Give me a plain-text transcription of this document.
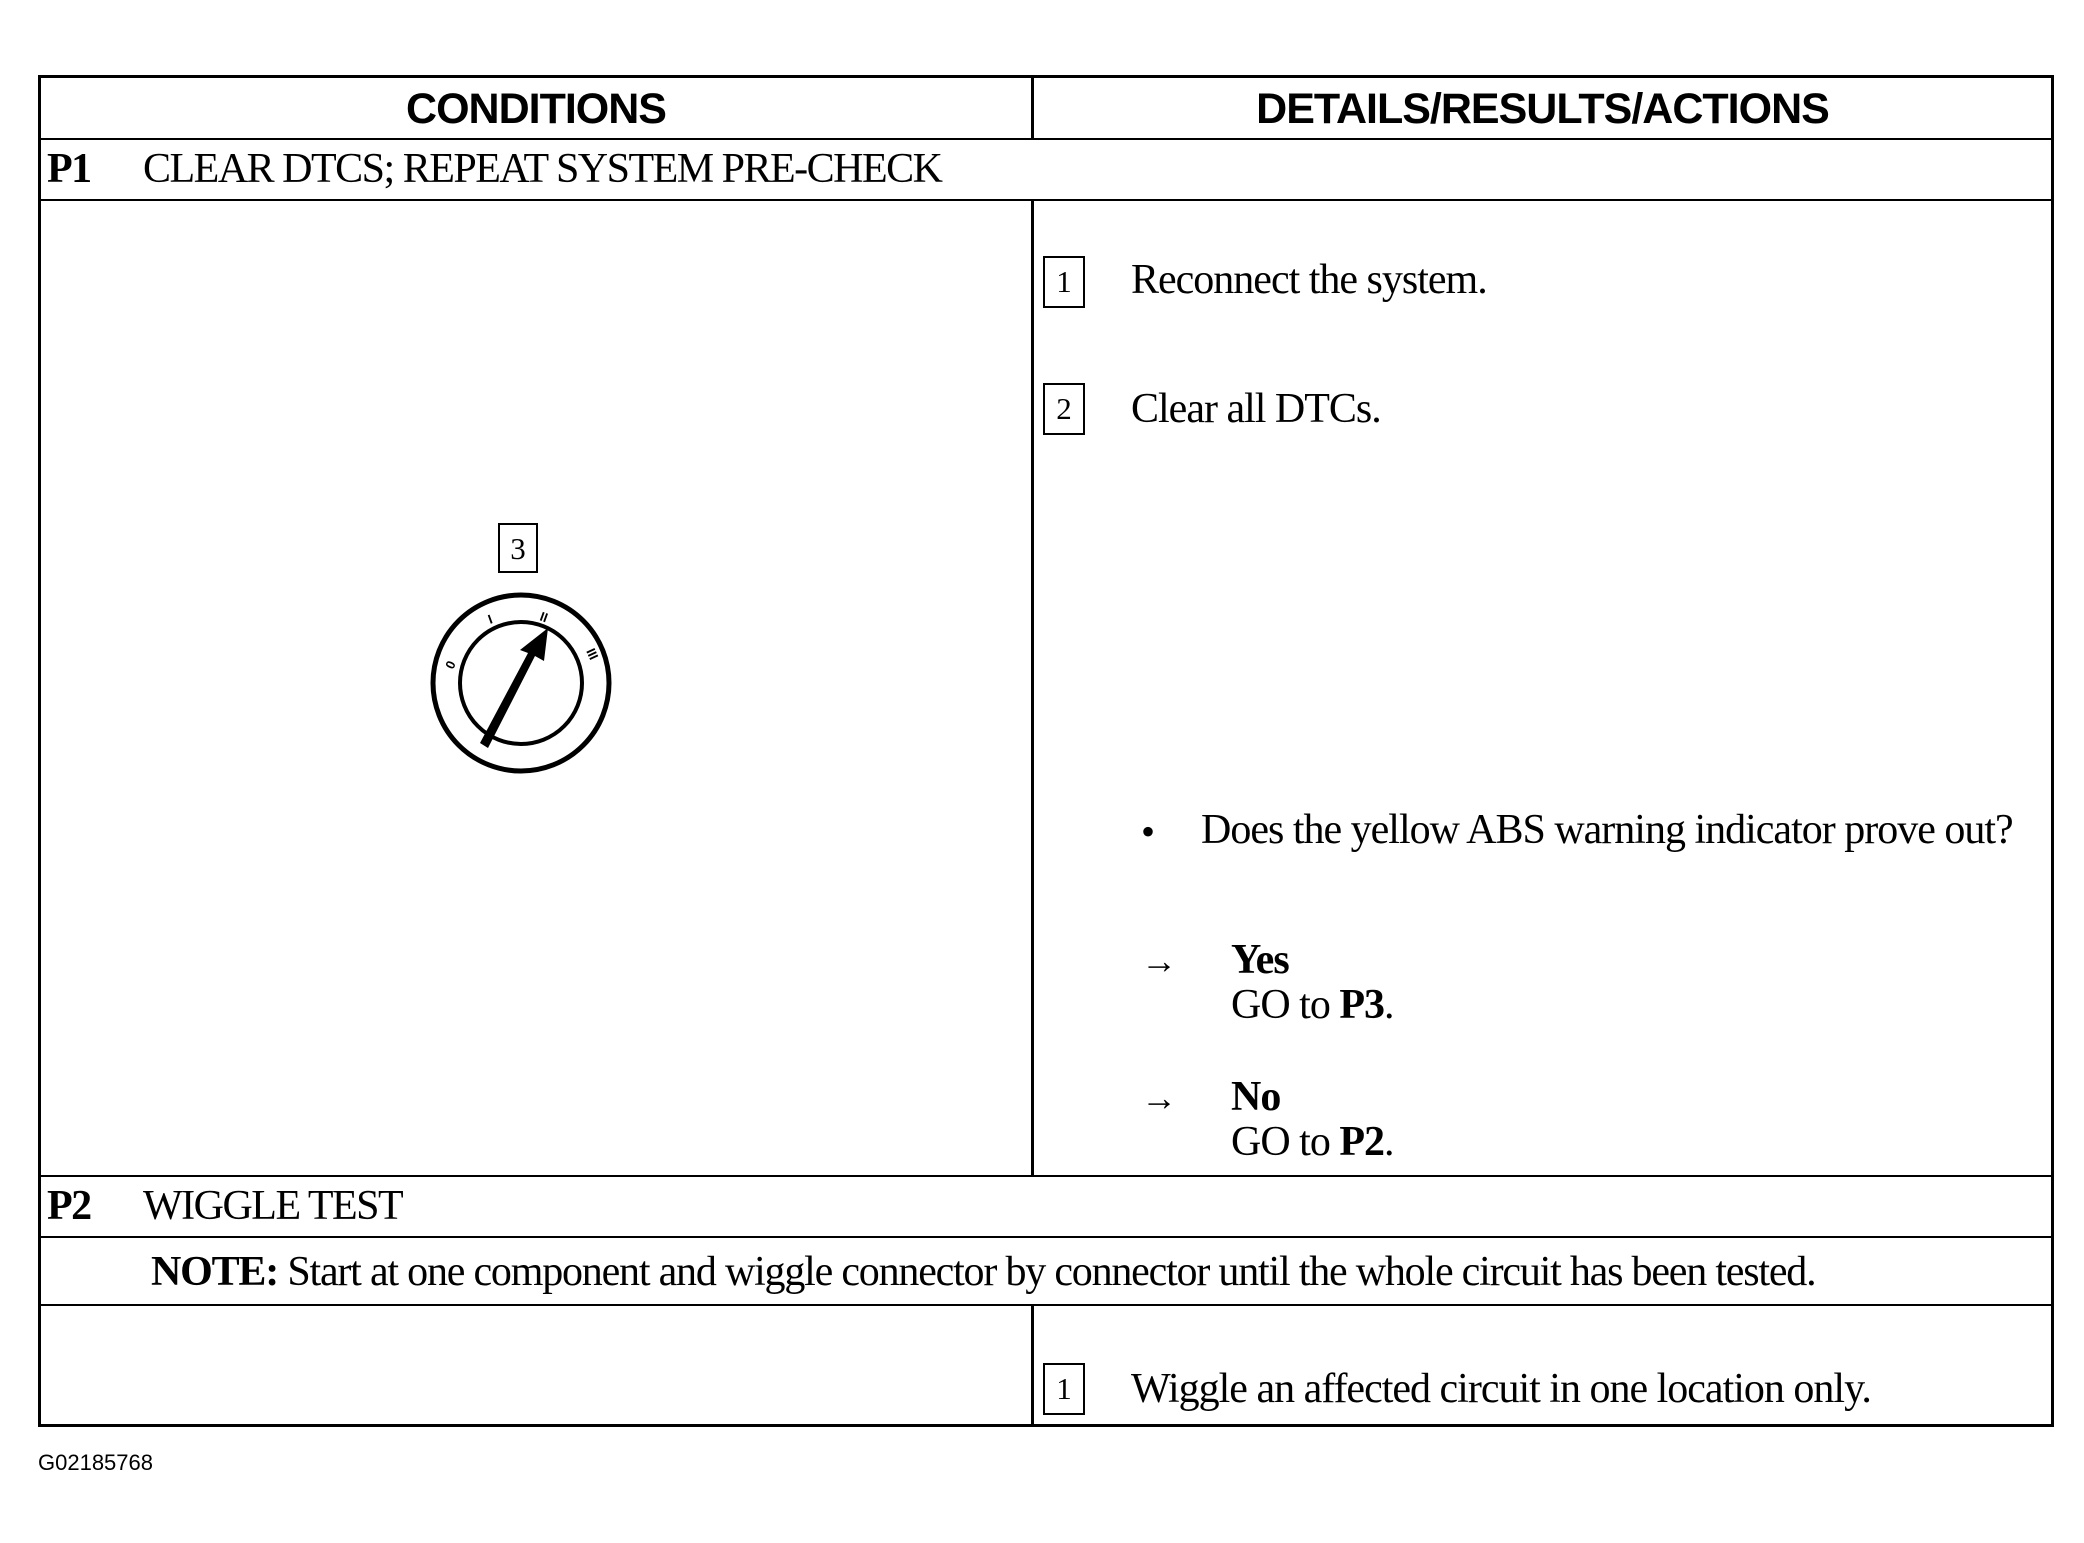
CONDITIONS	DETAILS/RESULTS/ACTIONS
P1 CLEAR DTCS; REPEAT SYSTEM PRE-CHECK
3
0
I	II
III
1	Reconnect the system.
2	Clear all DTCs.
• Does the yellow ABS warning indicator prove out?
→ Yes
GO to P3.
→ No
GO to P2.
P2 WIGGLE TEST
NOTE: Start at one component and wiggle connector by connector until the whole circuit has been tested.
1	Wiggle an affected circuit in one location only.
G02185768
